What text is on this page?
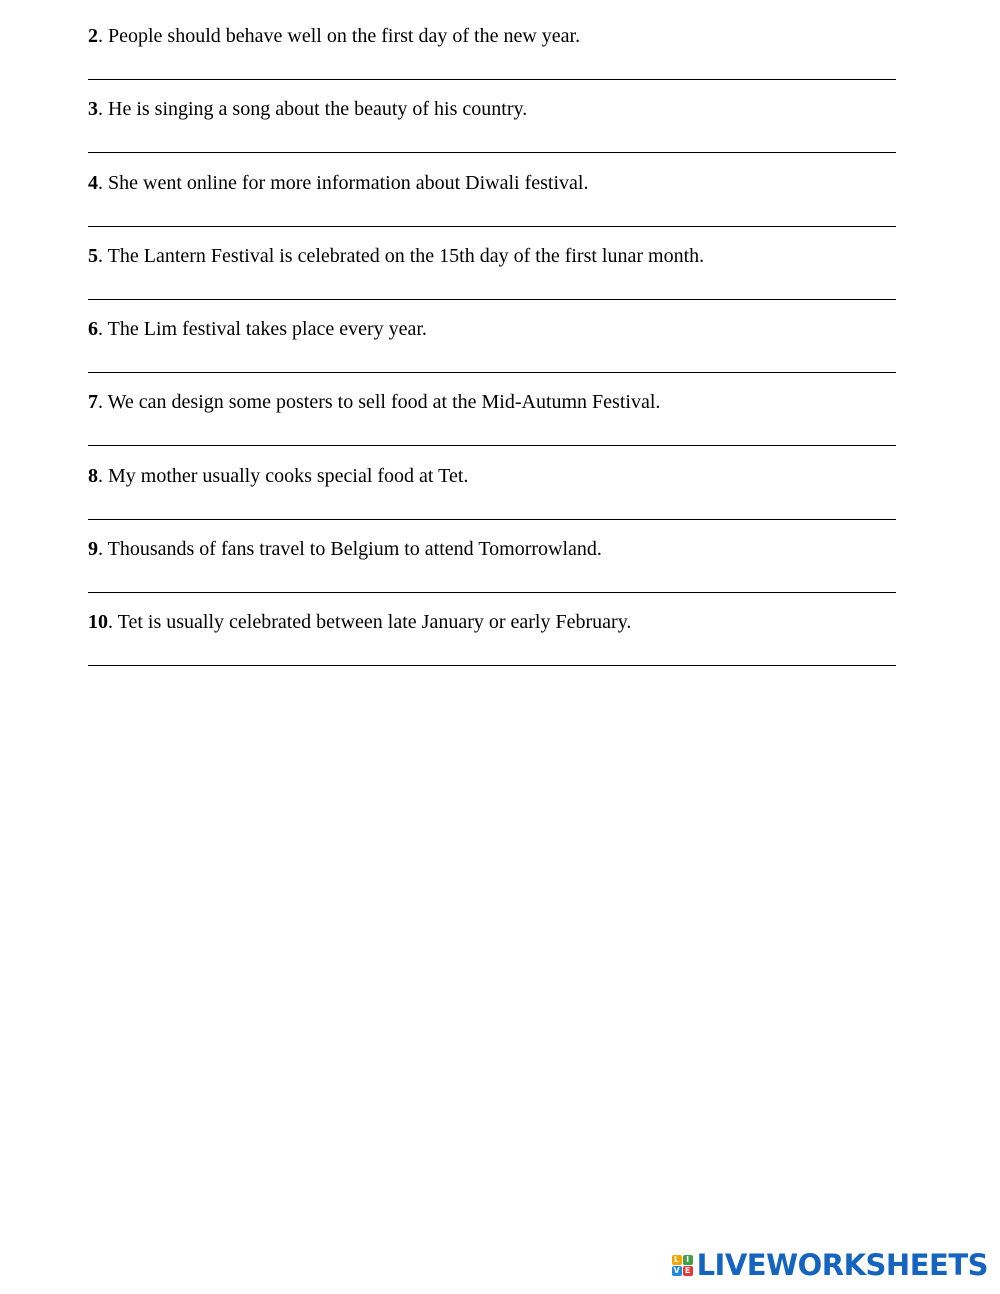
2. People should behave well on the first day of the new year.

3. He is singing a song about the beauty of his country.

4. She went online for more information about Diwali festival.

5. The Lantern Festival is celebrated on the 15th day of the first lunar month.

6. The Lim festival takes place every year.

7. We can design some posters to sell food at the Mid-Autumn Festival.

8. My mother usually cooks special food at Tet.

9. Thousands of fans travel to Belgium to attend Tomorrowland.

10. Tet is usually celebrated between late January or early February.

L I
V E LIVEWORKSHEETS
